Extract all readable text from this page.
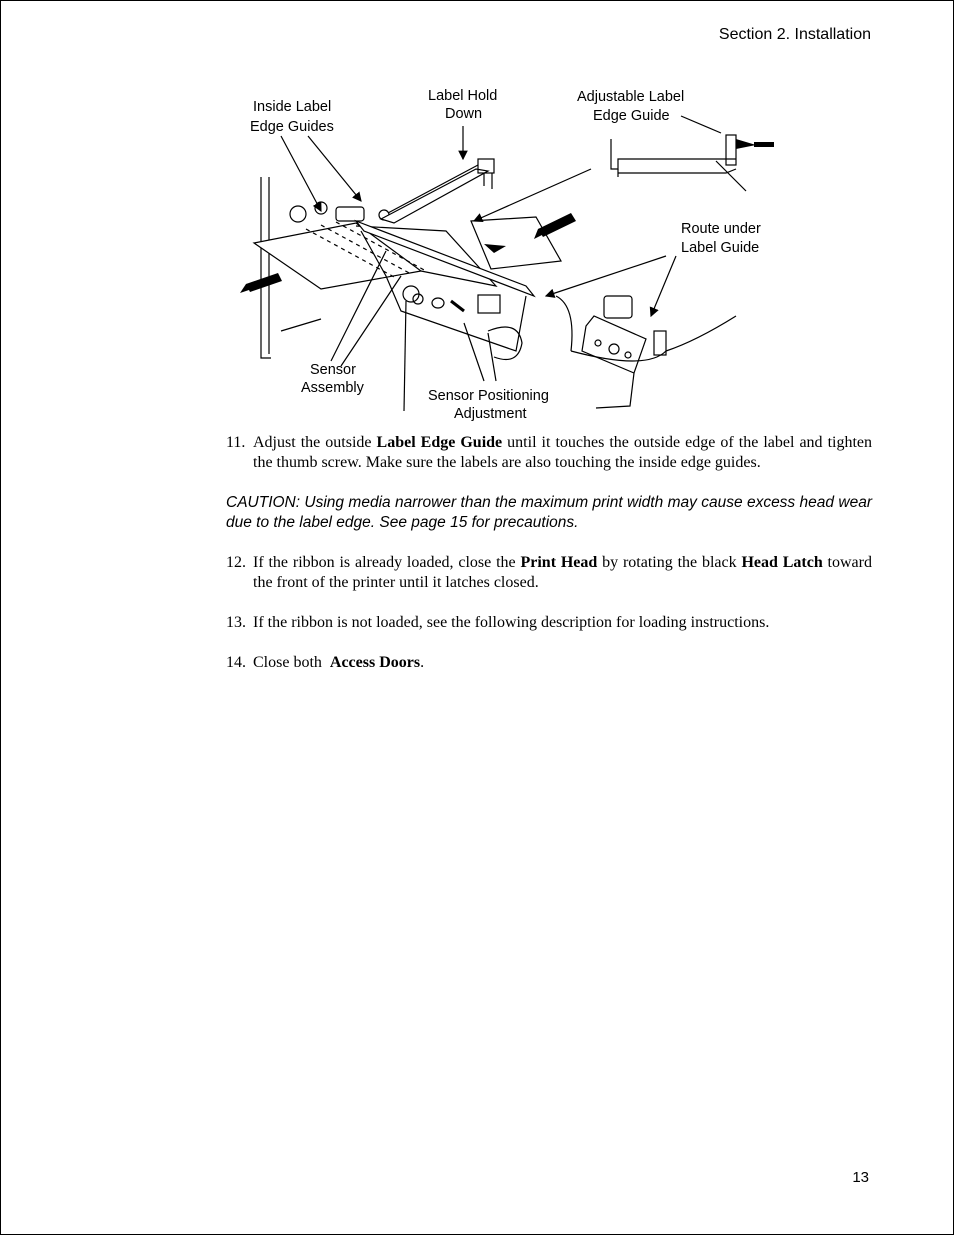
Section 2. Installation
Inside Label
Edge Guides
Label Hold
Down
Adjustable Label
Edge Guide
Route under
Label Guide
Sensor
Assembly	Sensor Positioning
Adjustment
11. Adjust the outside Label Edge Guide until it touches the outside edge of the label and tighten the thumb screw. Make sure the labels are also touching the inside edge guides.

CAUTION: Using media narrower than the maximum print width may cause excess head wear due to the label edge. See page 15 for precautions.

12. If the ribbon is already loaded, close the Print Head by rotating the black Head Latch toward the front of the printer until it latches closed.
13. If the ribbon is not loaded, see the following description for loading instructions.
14. Close both  Access Doors.
13
